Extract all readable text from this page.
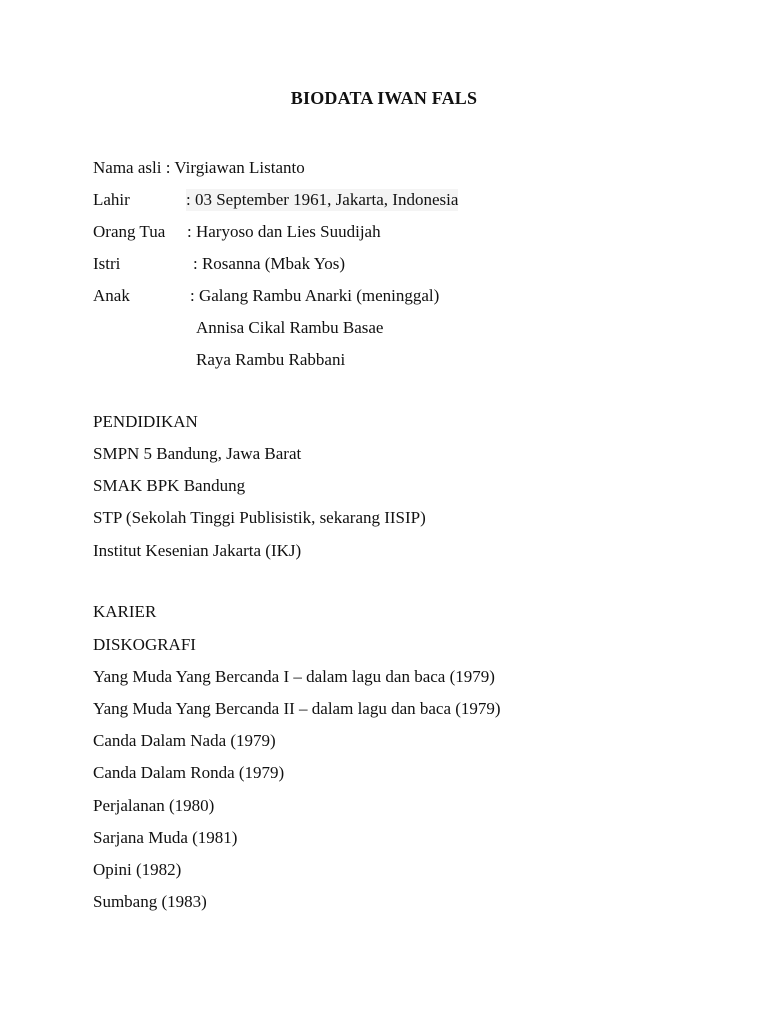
BIODATA IWAN FALS
Nama asli : Virgiawan Listanto
Lahir	: 03 September 1961, Jakarta, Indonesia
Orang Tua : Haryoso dan Lies Suudijah
Istri	: Rosanna (Mbak Yos)
Anak	: Galang Rambu Anarki (meninggal)
Annisa Cikal Rambu Basae
Raya Rambu Rabbani
PENDIDIKAN
SMPN 5 Bandung, Jawa Barat
SMAK BPK Bandung
STP (Sekolah Tinggi Publisistik, sekarang IISIP)
Institut Kesenian Jakarta (IKJ)
KARIER
DISKOGRAFI
Yang Muda Yang Bercanda I – dalam lagu dan baca (1979)
Yang Muda Yang Bercanda II – dalam lagu dan baca (1979)
Canda Dalam Nada (1979)
Canda Dalam Ronda (1979)
Perjalanan (1980)
Sarjana Muda (1981)
Opini (1982)
Sumbang (1983)
